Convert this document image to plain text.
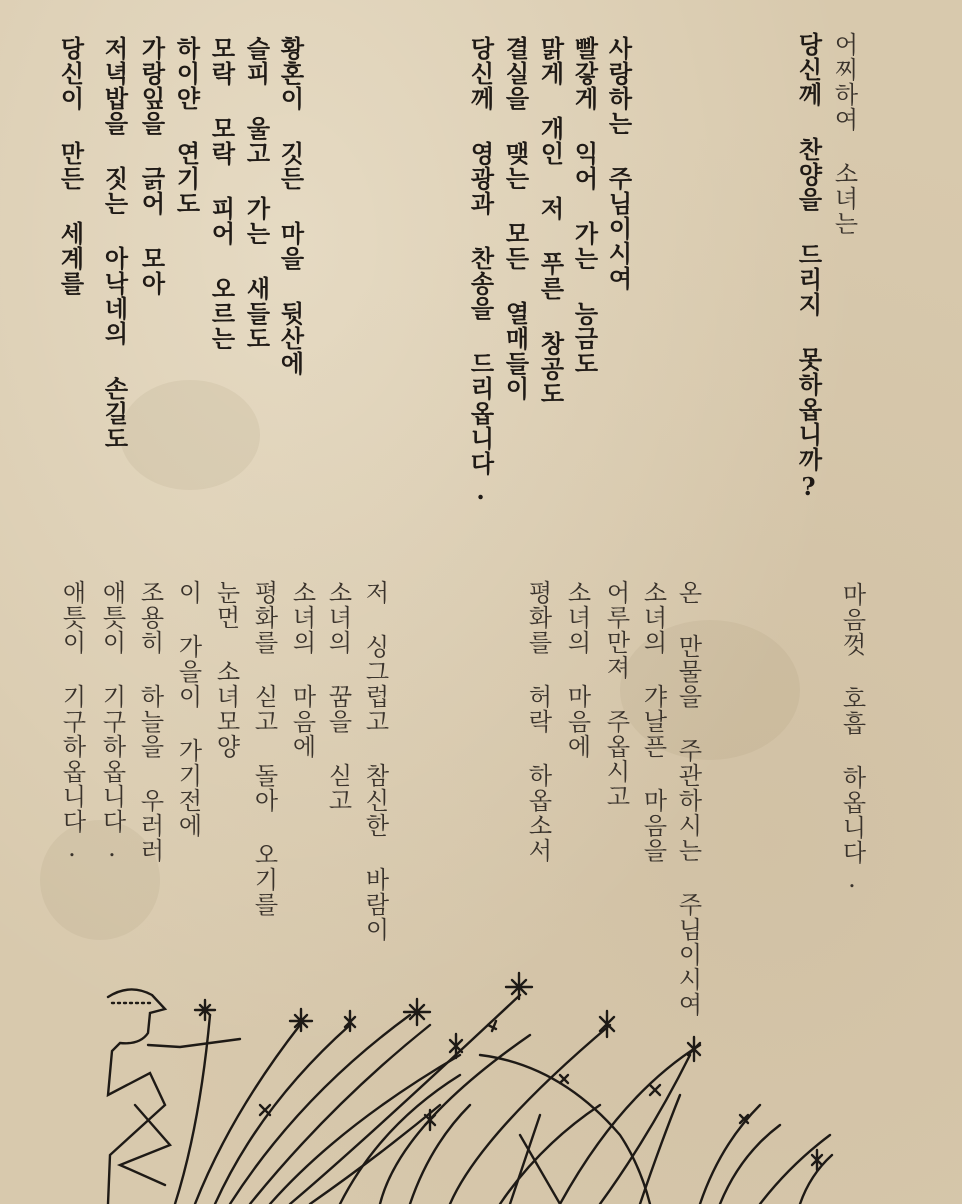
어찌하여 소녀는
당신께 찬양을 드리지 못하옵니까?
사랑하는 주님이시여
빨갛게 익어 가는 능금도
맑게 개인 저 푸른 창공도
결실을 맺는 모든 열매들이
당신께 영광과 찬송을 드리옵니다.
황혼이 깃든 마을 뒷산에
슬피 울고 가는 새들도
모락 모락 피어 오르는
하이얀 연기도
가랑잎을 긁어 모아
저녁밥을 짓는 아낙네의 손길도
당신이 만든 세계를
마음껏 호흡 하옵니다.
온 만물을 주관하시는 주님이시여
소녀의 갸날픈 마음을
어루만져 주옵시고
소녀의 마음에
평화를 허락 하옵소서
저 싱그럽고 참신한 바람이
소녀의 꿈을 싣고
소녀의 마음에
평화를 싣고 돌아 오기를
눈먼 소녀모양
이 가을이 가기전에
조용히 하늘을 우러러
애틋이 기구하옵니다.
애틋이 기구하옵니다.
